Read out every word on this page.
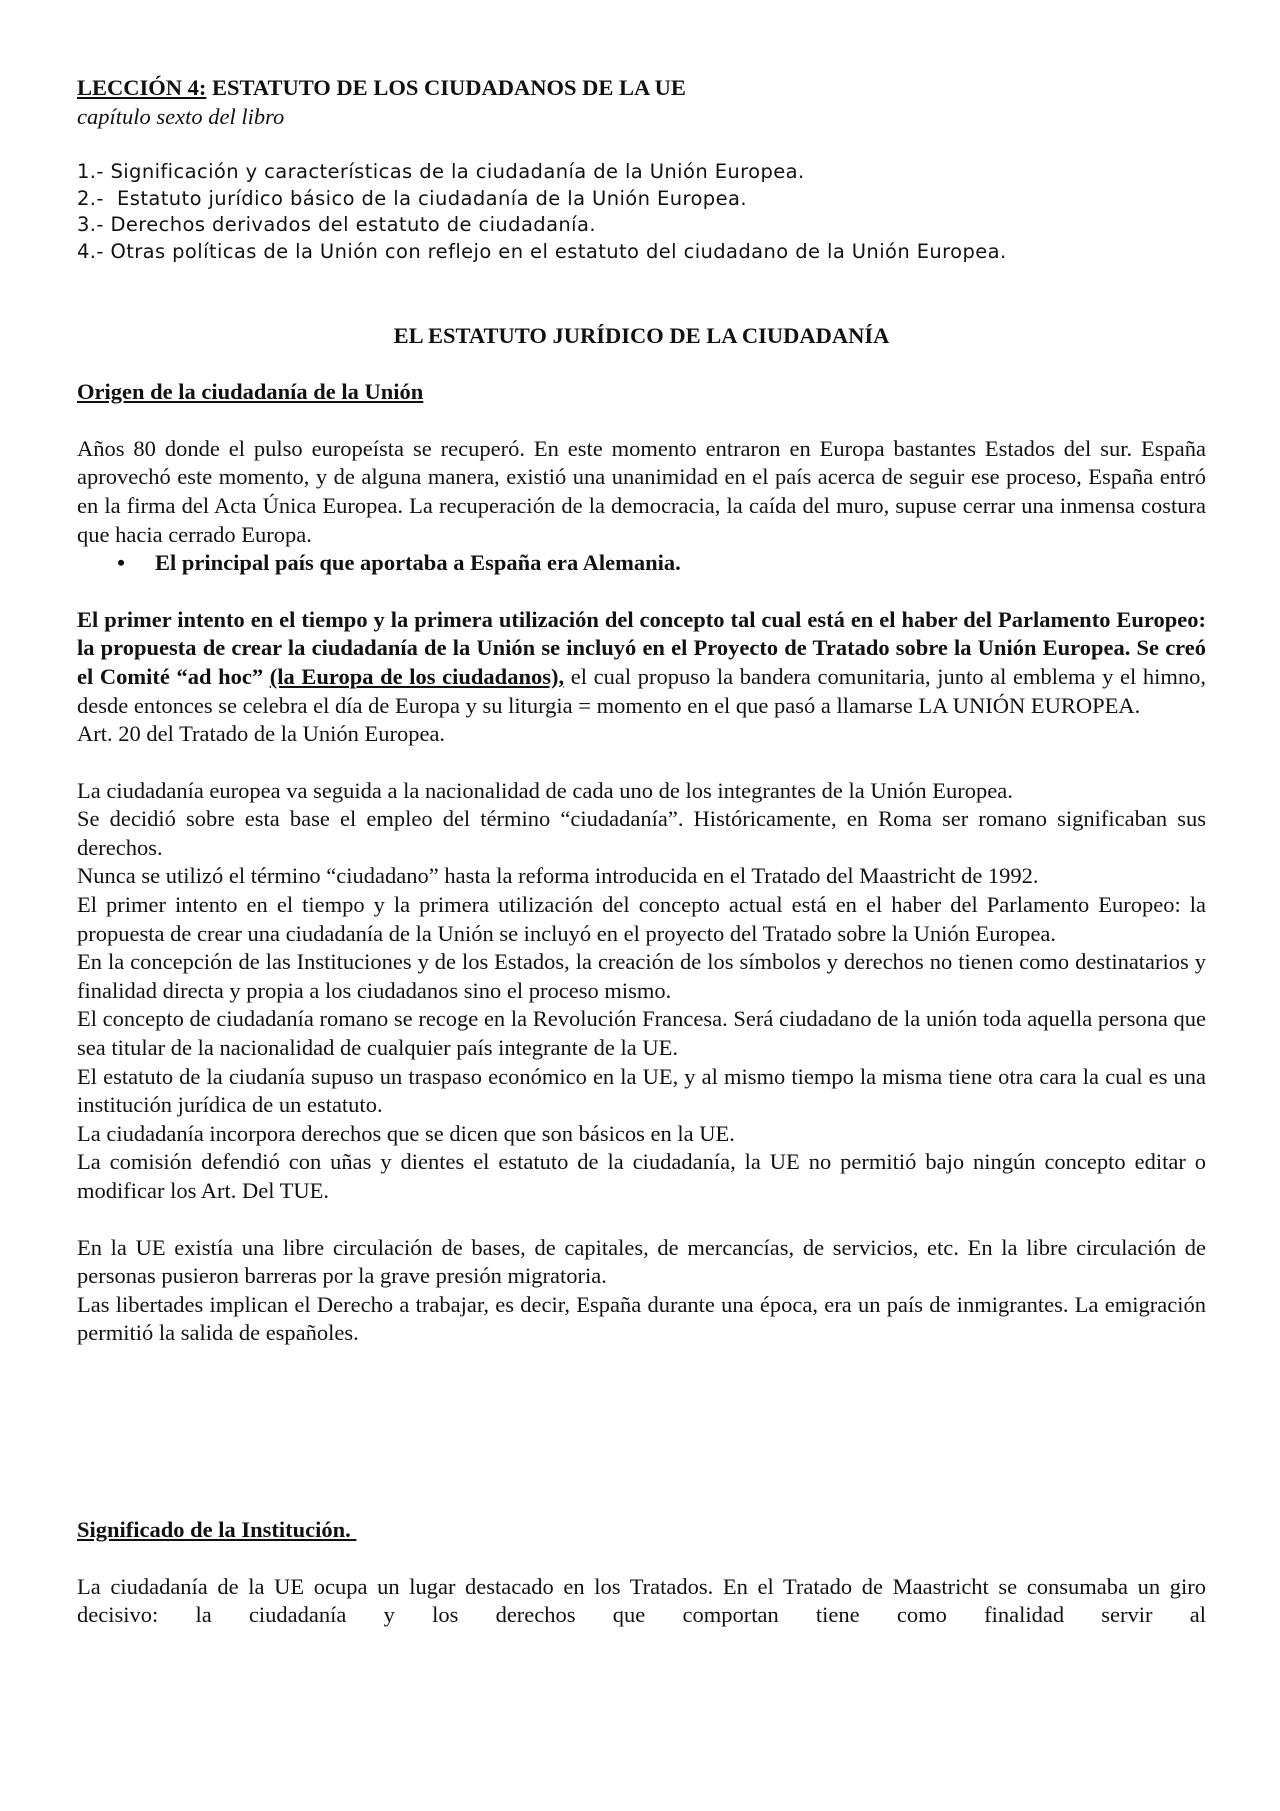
LECCIÓN 4: ESTATUTO DE LOS CIUDADANOS DE LA UE
capítulo sexto del libro
1.- Significación y características de la ciudadanía de la Unión Europea.
2.-  Estatuto jurídico básico de la ciudadanía de la Unión Europea.
3.- Derechos derivados del estatuto de ciudadanía.
4.- Otras políticas de la Unión con reflejo en el estatuto del ciudadano de la Unión Europea.
EL ESTATUTO JURÍDICO DE LA CIUDADANÍA
Origen de la ciudadanía de la Unión

Años 80 donde el pulso europeísta se recuperó. En este momento entraron en Europa bastantes Estados del sur. España aprovechó este momento, y de alguna manera, existió una unanimidad en el país acerca de seguir ese proceso, España entró en la firma del Acta Única Europea. La recuperación de la democracia, la caída del muro, supuse cerrar una inmensa costura que hacia cerrado Europa.

•	El principal país que aportaba a España era Alemania.

El primer intento en el tiempo y la primera utilización del concepto tal cual está en el haber del Parlamento Europeo: la propuesta de crear la ciudadanía de la Unión se incluyó en el Proyecto de Tratado sobre la Unión Europea. Se creó el Comité “ad hoc” (la Europa de los ciudadanos), el cual propuso la bandera comunitaria, junto al emblema y el himno, desde entonces se celebra el día de Europa y su liturgia = momento en el que pasó a llamarse LA UNIÓN EUROPEA.

Art. 20 del Tratado de la Unión Europea.

La ciudadanía europea va seguida a la nacionalidad de cada uno de los integrantes de la Unión Europea.

Se decidió sobre esta base el empleo del término “ciudadanía”. Históricamente, en Roma ser romano significaban sus derechos.

Nunca se utilizó el término “ciudadano” hasta la reforma introducida en el Tratado del Maastricht de 1992.

El primer intento en el tiempo y la primera utilización del concepto actual está en el haber del Parlamento Europeo: la propuesta de crear una ciudadanía de la Unión se incluyó en el proyecto del Tratado sobre la Unión Europea.

En la concepción de las Instituciones y de los Estados, la creación de los símbolos y derechos no tienen como destinatarios y finalidad directa y propia a los ciudadanos sino el proceso mismo.

El concepto de ciudadanía romano se recoge en la Revolución Francesa. Será ciudadano de la unión toda aquella persona que sea titular de la nacionalidad de cualquier país integrante de la UE.

El estatuto de la ciudanía supuso un traspaso económico en la UE, y al mismo tiempo la misma tiene otra cara la cual es una institución jurídica de un estatuto.

La ciudadanía incorpora derechos que se dicen que son básicos en la UE.

La comisión defendió con uñas y dientes el estatuto de la ciudadanía, la UE no permitió bajo ningún concepto editar o modificar los Art. Del TUE.

En la UE existía una libre circulación de bases, de capitales, de mercancías, de servicios, etc. En la libre circulación de personas pusieron barreras por la grave presión migratoria.

Las libertades implican el Derecho a trabajar, es decir, España durante una época, era un país de inmigrantes. La emigración permitió la salida de españoles.

Significado de la Institución.

La ciudadanía de la UE ocupa un lugar destacado en los Tratados. En el Tratado de Maastricht se consumaba un giro decisivo: la ciudadanía y los derechos que comportan tiene como finalidad servir al
